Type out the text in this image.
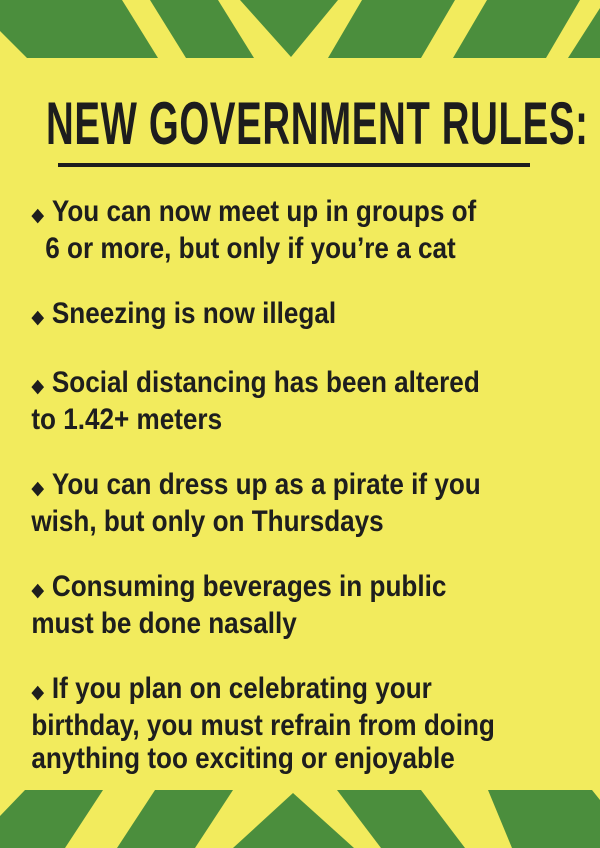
NEW GOVERNMENT RULES:
◆ You can now meet up in groups of
6 or more, but only if you’re a cat
◆ Sneezing is now illegal
◆ Social distancing has been altered
to 1.42+ meters
◆ You can dress up as a pirate if you
wish, but only on Thursdays
◆ Consuming beverages in public
must be done nasally
◆ If you plan on celebrating your
birthday, you must refrain from doing
anything too exciting or enjoyable
